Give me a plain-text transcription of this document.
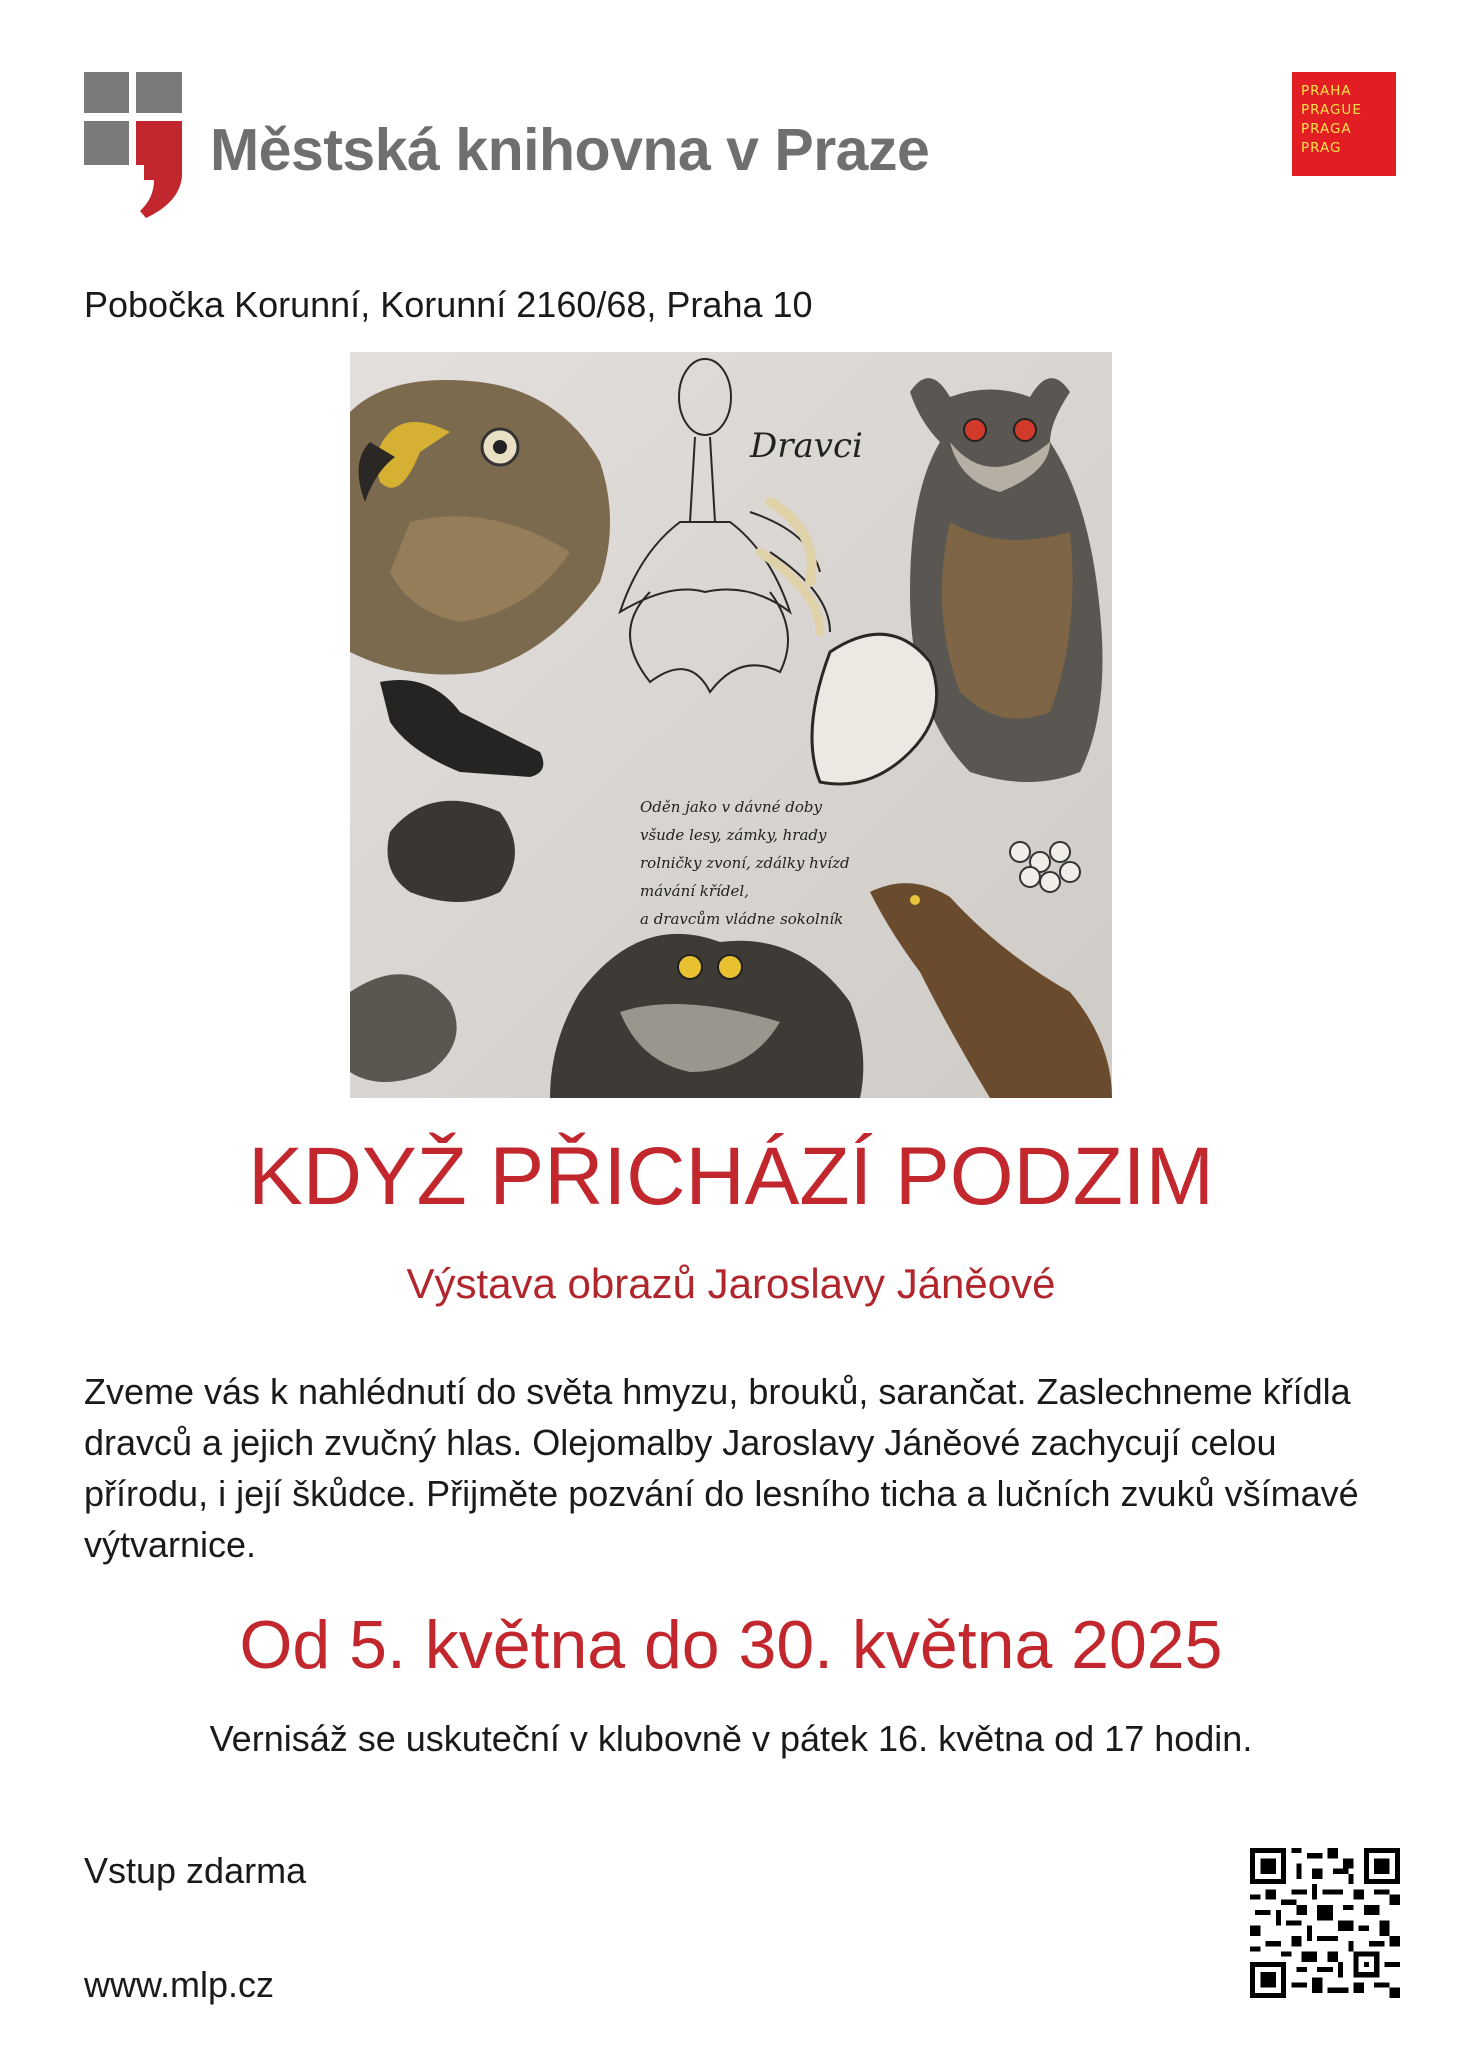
Městská knihovna v Praze
PRAHA
PRAGUE
PRAGA
PRAG
Pobočka Korunní, Korunní 2160/68, Praha 10
Dravci
Oděn jako v dávné doby
všude lesy, zámky, hrady
rolničky zvoní, zdálky hvízd
mávání křídel,
a dravcům vládne sokolník
KDYŽ PŘICHÁZÍ PODZIM
Výstava obrazů Jaroslavy Jáněové
Zveme vás k nahlédnutí do světa hmyzu, brouků, sarančat. Zaslechneme křídla dravců a jejich zvučný hlas. Olejomalby Jaroslavy Jáněové zachycují celou přírodu, i její škůdce. Přijměte pozvání do lesního ticha a lučních zvuků všímavé výtvarnice.
Od 5. května do 30. května 2025
Vernisáž se uskuteční v klubovně v pátek 16. května od 17 hodin.
Vstup zdarma
www.mlp.cz
